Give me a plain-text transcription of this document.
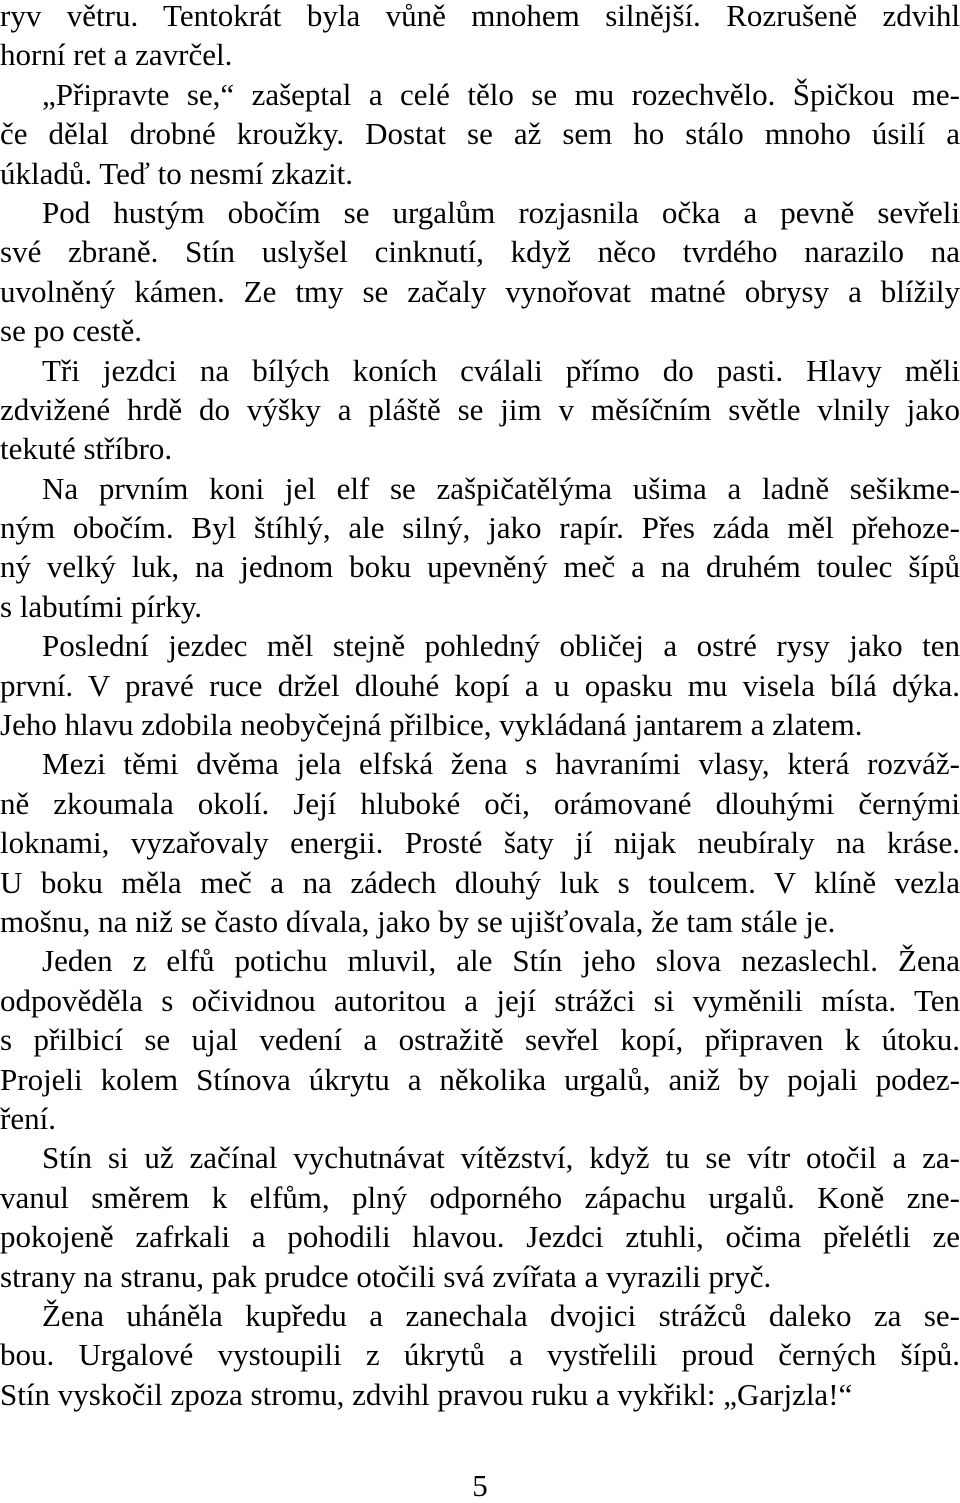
ryv větru. Tentokrát byla vůně mnohem silnější. Rozrušeně zdvihl
horní ret a zavrčel.
„Připravte se,“ zašeptal a celé tělo se mu rozechvělo. Špičkou me-
če dělal drobné kroužky. Dostat se až sem ho stálo mnoho úsilí a
úkladů. Teď to nesmí zkazit.
Pod hustým obočím se urgalům rozjasnila očka a pevně sevřeli
své zbraně. Stín uslyšel cinknutí, když něco tvrdého narazilo na
uvolněný kámen. Ze tmy se začaly vynořovat matné obrysy a blížily
se po cestě.
Tři jezdci na bílých koních cválali přímo do pasti. Hlavy měli
zdvižené hrdě do výšky a pláště se jim v měsíčním světle vlnily jako
tekuté stříbro.
Na prvním koni jel elf se zašpičatělýma ušima a ladně sešikme-
ným obočím. Byl štíhlý, ale silný, jako rapír. Přes záda měl přehoze-
ný velký luk, na jednom boku upevněný meč a na druhém toulec šípů
s labutími pírky.
Poslední jezdec měl stejně pohledný obličej a ostré rysy jako ten
první. V pravé ruce držel dlouhé kopí a u opasku mu visela bílá dýka.
Jeho hlavu zdobila neobyčejná přilbice, vykládaná jantarem a zlatem.
Mezi těmi dvěma jela elfská žena s havraními vlasy, která rozváž-
ně zkoumala okolí. Její hluboké oči, orámované dlouhými černými
loknami, vyzařovaly energii. Prosté šaty jí nijak neubíraly na kráse.
U boku měla meč a na zádech dlouhý luk s toulcem. V klíně vezla
mošnu, na niž se často dívala, jako by se ujišťovala, že tam stále je.
Jeden z elfů potichu mluvil, ale Stín jeho slova nezaslechl. Žena
odpověděla s očividnou autoritou a její strážci si vyměnili místa. Ten
s přilbicí se ujal vedení a ostražitě sevřel kopí, připraven k útoku.
Projeli kolem Stínova úkrytu a několika urgalů, aniž by pojali podez-
ření.
Stín si už začínal vychutnávat vítězství, když tu se vítr otočil a za-
vanul směrem k elfům, plný odporného zápachu urgalů. Koně zne-
pokojeně zafrkali a pohodili hlavou. Jezdci ztuhli, očima přelétli ze
strany na stranu, pak prudce otočili svá zvířata a vyrazili pryč.
Žena uháněla kupředu a zanechala dvojici strážců daleko za se-
bou. Urgalové vystoupili z úkrytů a vystřelili proud černých šípů.
Stín vyskočil zpoza stromu, zdvihl pravou ruku a vykřikl: „Garjzla!“
5
